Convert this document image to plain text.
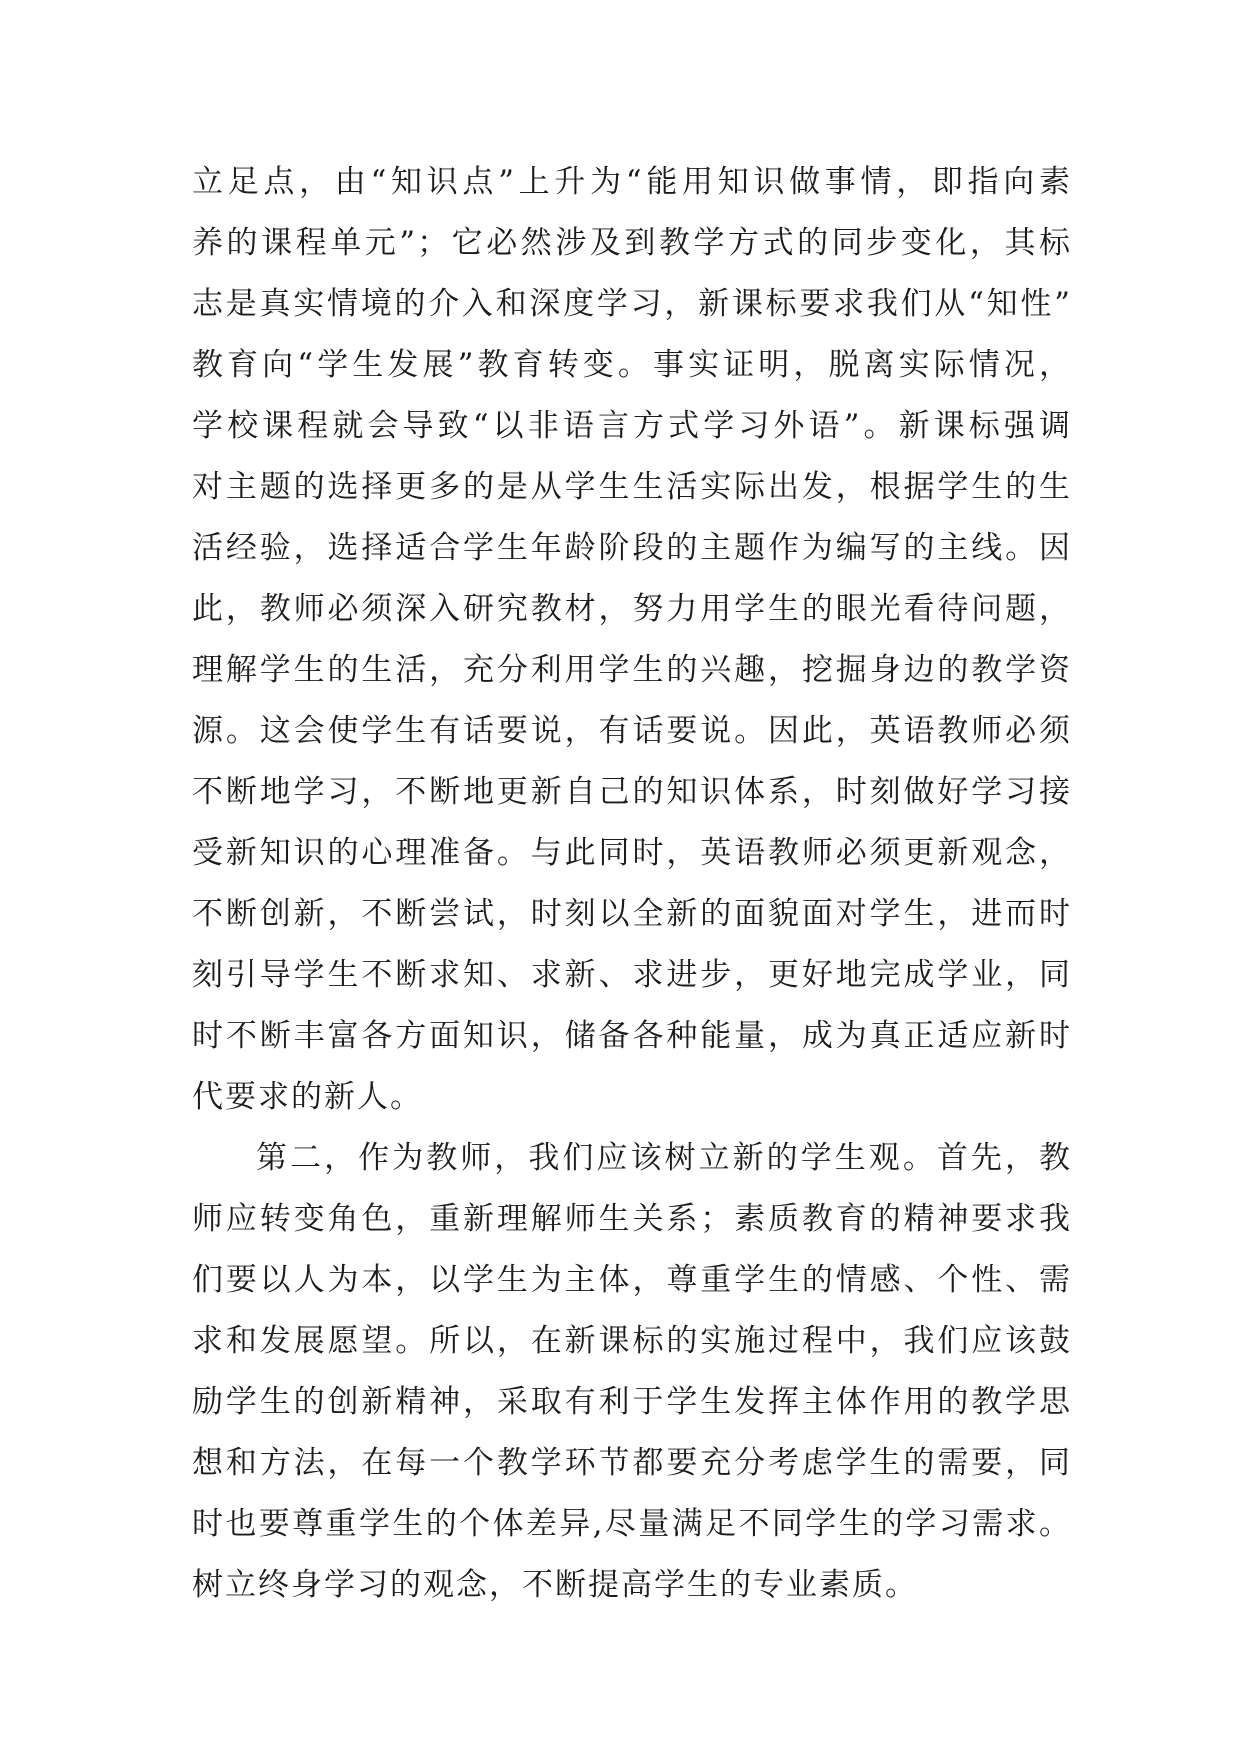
立足点，由“知识点”上升为“能用知识做事情，即指向素
养的课程单元”；它必然涉及到教学方式的同步变化，其标
志是真实情境的介入和深度学习，新课标要求我们从“知性”
教育向“学生发展”教育转变。事实证明，脱离实际情况，
学校课程就会导致“以非语言方式学习外语”。新课标强调
对主题的选择更多的是从学生生活实际出发，根据学生的生
活经验，选择适合学生年龄阶段的主题作为编写的主线。因
此，教师必须深入研究教材，努力用学生的眼光看待问题，
理解学生的生活，充分利用学生的兴趣，挖掘身边的教学资
源。这会使学生有话要说，有话要说。因此，英语教师必须
不断地学习，不断地更新自己的知识体系，时刻做好学习接
受新知识的心理准备。与此同时，英语教师必须更新观念，
不断创新，不断尝试，时刻以全新的面貌面对学生，进而时
刻引导学生不断求知、求新、求进步，更好地完成学业，同
时不断丰富各方面知识，储备各种能量，成为真正适应新时
代要求的新人。
第二，作为教师，我们应该树立新的学生观。首先，教
师应转变角色，重新理解师生关系；素质教育的精神要求我
们要以人为本，以学生为主体，尊重学生的情感、个性、需
求和发展愿望。所以，在新课标的实施过程中，我们应该鼓
励学生的创新精神，采取有利于学生发挥主体作用的教学思
想和方法，在每一个教学环节都要充分考虑学生的需要，同
时也要尊重学生的个体差异,尽量满足不同学生的学习需求。
树立终身学习的观念，不断提高学生的专业素质。
